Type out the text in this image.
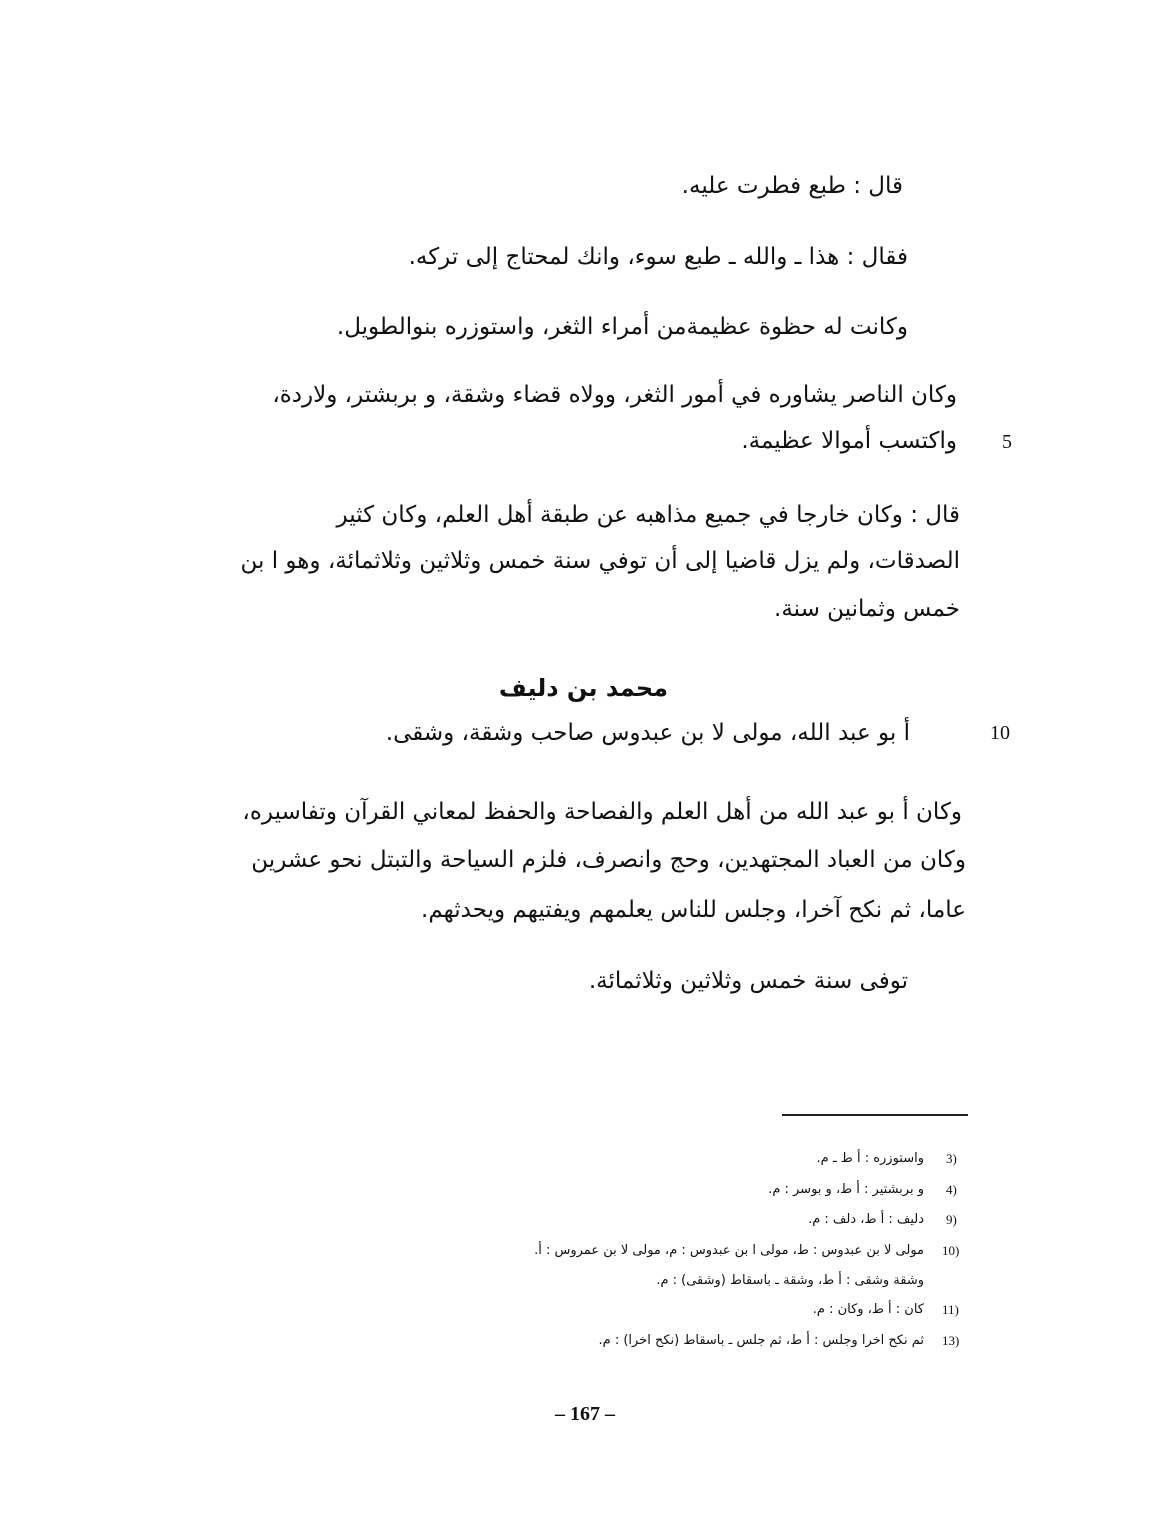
قال : طبع فطرت عليه.
فقال : هذا ـ والله ـ طبع سوء، وانك لمحتاج إلى تركه.
وكانت له حظوة عظيمةمن أمراء الثغر، واستوزره بنوالطويل.
وكان الناصر يشاوره في أمور الثغر، وولاه قضاء وشقة، و بربشتر، ولاردة،
واكتسب أموالا عظيمة. 5
قال : وكان خارجا في جميع مذاهبه عن طبقة أهل العلم، وكان كثير
الصدقات، ولم يزل قاضيا إلى أن توفي سنة خمس وثلاثين وثلاثمائة، وهو ا بن
خمس وثمانين سنة.
محمد بن دليف
أ بو عبد الله، مولى لا بن عبدوس صاحب وشقة، وشقى.	10
وكان أ بو عبد الله من أهل العلم والفصاحة والحفظ لمعاني القرآن وتفاسيره،
وكان من العباد المجتهدين، وحج وانصرف، فلزم السياحة والتبتل نحو عشرين
عاما، ثم نكح آخرا، وجلس للناس يعلمهم ويفتيهم ويحدثهم.
توفى سنة خمس وثلاثين وثلاثمائة.
3)
واستوزره : أ ط ـ م.
4)
و بربشتير : أ ط، و بوسر : م.
9)
دليف : أ ط، دلف : م.
10)
مولى لا بن عبدوس : ط، مولى ا بن عبدوس : م، مولى لا بن عمروس : أ.
وشقة وشقى : أ ط، وشقة ـ باسقاط (وشقى) : م.
11)
كان : أ ط، وكان : م.
13)
ثم نكح اخرا وجلس : أ ط، ثم جلس ـ باسقاط (نكح اخرا) : م.
– 167 –
